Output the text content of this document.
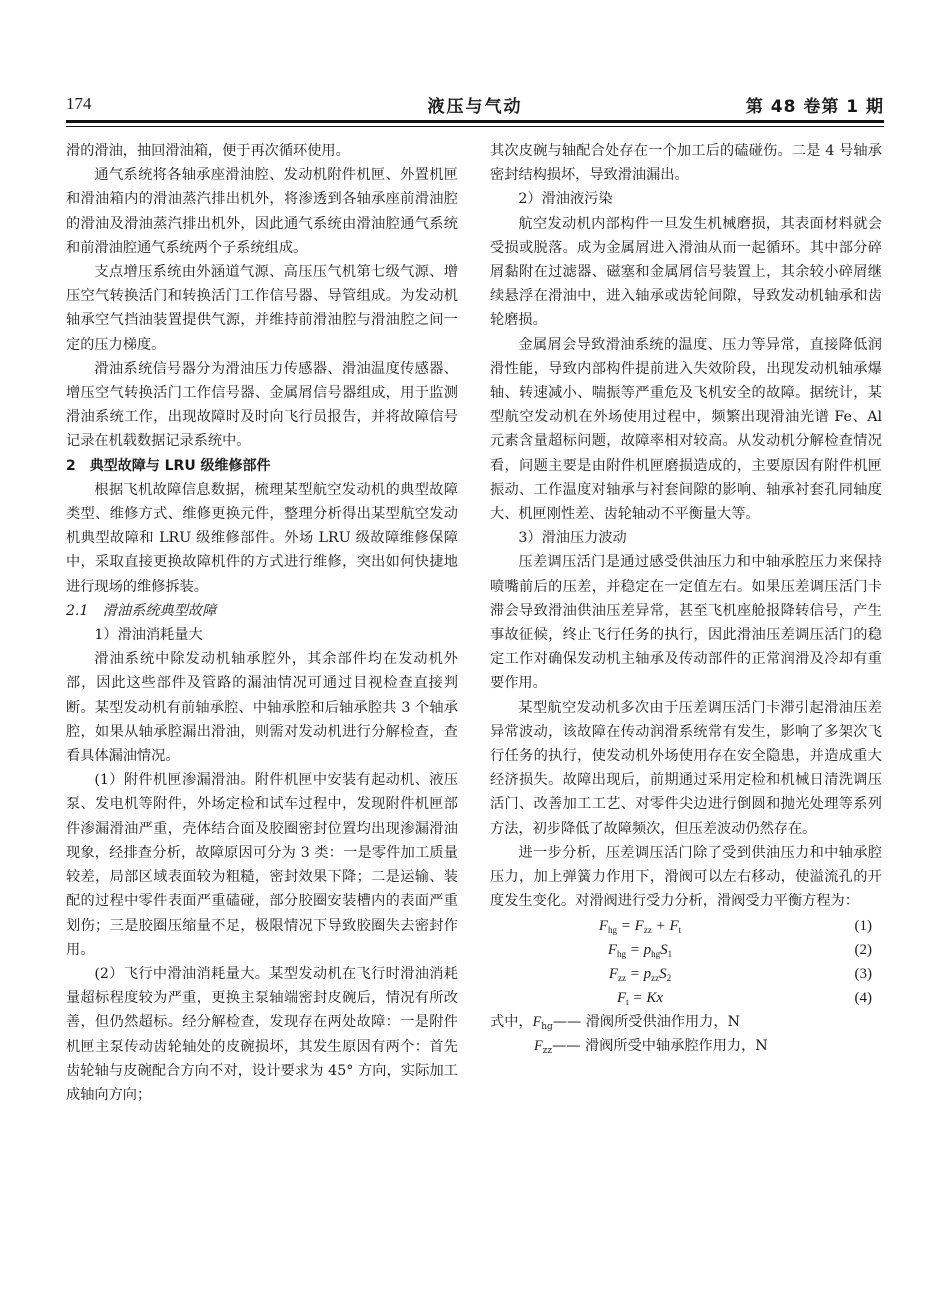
174	液压与气动	第 48 卷第 1 期

滑的滑油，抽回滑油箱，便于再次循环使用。

通气系统将各轴承座滑油腔、发动机附件机匣、外置机匣和滑油箱内的滑油蒸汽排出机外，将渗透到各轴承座前滑油腔的滑油及滑油蒸汽排出机外，因此通气系统由滑油腔通气系统和前滑油腔通气系统两个子系统组成。

支点增压系统由外涵道气源、高压压气机第七级气源、增压空气转换活门和转换活门工作信号器、导管组成。为发动机轴承空气挡油装置提供气源，并维持前滑油腔与滑油腔之间一定的压力梯度。

滑油系统信号器分为滑油压力传感器、滑油温度传感器、增压空气转换活门工作信号器、金属屑信号器组成，用于监测滑油系统工作，出现故障时及时向飞行员报告，并将故障信号记录在机载数据记录系统中。

2　典型故障与 LRU 级维修部件

根据飞机故障信息数据，梳理某型航空发动机的典型故障类型、维修方式、维修更换元件，整理分析得出某型航空发动机典型故障和 LRU 级维修部件。外场 LRU 级故障维修保障中，采取直接更换故障机件的方式进行维修，突出如何快捷地进行现场的维修拆装。

2.1　滑油系统典型故障

1）滑油消耗量大

滑油系统中除发动机轴承腔外，其余部件均在发动机外部，因此这些部件及管路的漏油情况可通过目视检查直接判断。某型发动机有前轴承腔、中轴承腔和后轴承腔共 3 个轴承腔，如果从轴承腔漏出滑油，则需对发动机进行分解检查，查看具体漏油情况。

(1）附件机匣渗漏滑油。附件机匣中安装有起动机、液压泵、发电机等附件，外场定检和试车过程中，发现附件机匣部件渗漏滑油严重，壳体结合面及胶圈密封位置均出现渗漏滑油现象，经排查分析，故障原因可分为 3 类：一是零件加工质量较差，局部区域表面较为粗糙，密封效果下降；二是运输、装配的过程中零件表面严重磕碰，部分胶圈安装槽内的表面严重划伤；三是胶圈压缩量不足，极限情况下导致胶圈失去密封作用。

(2）飞行中滑油消耗量大。某型发动机在飞行时滑油消耗量超标程度较为严重，更换主泵轴端密封皮碗后，情况有所改善，但仍然超标。经分解检查，发现存在两处故障：一是附件机匣主泵传动齿轮轴处的皮碗损坏，其发生原因有两个：首先齿轮轴与皮碗配合方向不对，设计要求为 45° 方向，实际加工成轴向方向；

其次皮碗与轴配合处存在一个加工后的磕碰伤。二是 4 号轴承密封结构损坏，导致滑油漏出。

2）滑油液污染

航空发动机内部构件一旦发生机械磨损，其表面材料就会受损或脱落。成为金属屑进入滑油从而一起循环。其中部分碎屑黏附在过滤器、磁塞和金属屑信号装置上，其余较小碎屑继续悬浮在滑油中，进入轴承或齿轮间隙，导致发动机轴承和齿轮磨损。

金属屑会导致滑油系统的温度、压力等异常，直接降低润滑性能，导致内部构件提前进入失效阶段，出现发动机轴承爆轴、转速减小、喘振等严重危及飞机安全的故障。据统计，某型航空发动机在外场使用过程中，频繁出现滑油光谱 Fe、Al 元素含量超标问题，故障率相对较高。从发动机分解检查情况看，问题主要是由附件机匣磨损造成的，主要原因有附件机匣振动、工作温度对轴承与衬套间隙的影响、轴承衬套孔同轴度大、机匣刚性差、齿轮轴动不平衡量大等。

3）滑油压力波动

压差调压活门是通过感受供油压力和中轴承腔压力来保持喷嘴前后的压差，并稳定在一定值左右。如果压差调压活门卡滞会导致滑油供油压差异常，甚至飞机座舱报降转信号，产生事故征候，终止飞行任务的执行，因此滑油压差调压活门的稳定工作对确保发动机主轴承及传动部件的正常润滑及冷却有重要作用。

某型航空发动机多次由于压差调压活门卡滞引起滑油压差异常波动，该故障在传动润滑系统常有发生，影响了多架次飞行任务的执行，使发动机外场使用存在安全隐患，并造成重大经济损失。故障出现后，前期通过采用定检和机械日清洗调压活门、改善加工工艺、对零件尖边进行倒圆和抛光处理等系列方法，初步降低了故障频次，但压差波动仍然存在。

进一步分析，压差调压活门除了受到供油压力和中轴承腔压力，加上弹簧力作用下，滑阀可以左右移动，使溢流孔的开度发生变化。对滑阀进行受力分析，滑阀受力平衡方程为：

$F_{hg} = F_{zz} + F_t$	(1)
$F_{hg} = p_{hg}S_1$	(2)
$F_{zz} = p_{zz}S_2$	(3)
$F_t = Kx$	(4)

式中，$F_{hg}——$ 滑阀所受供油作用力，N

$F_{zz}——$ 滑阀所受中轴承腔作用力，N
